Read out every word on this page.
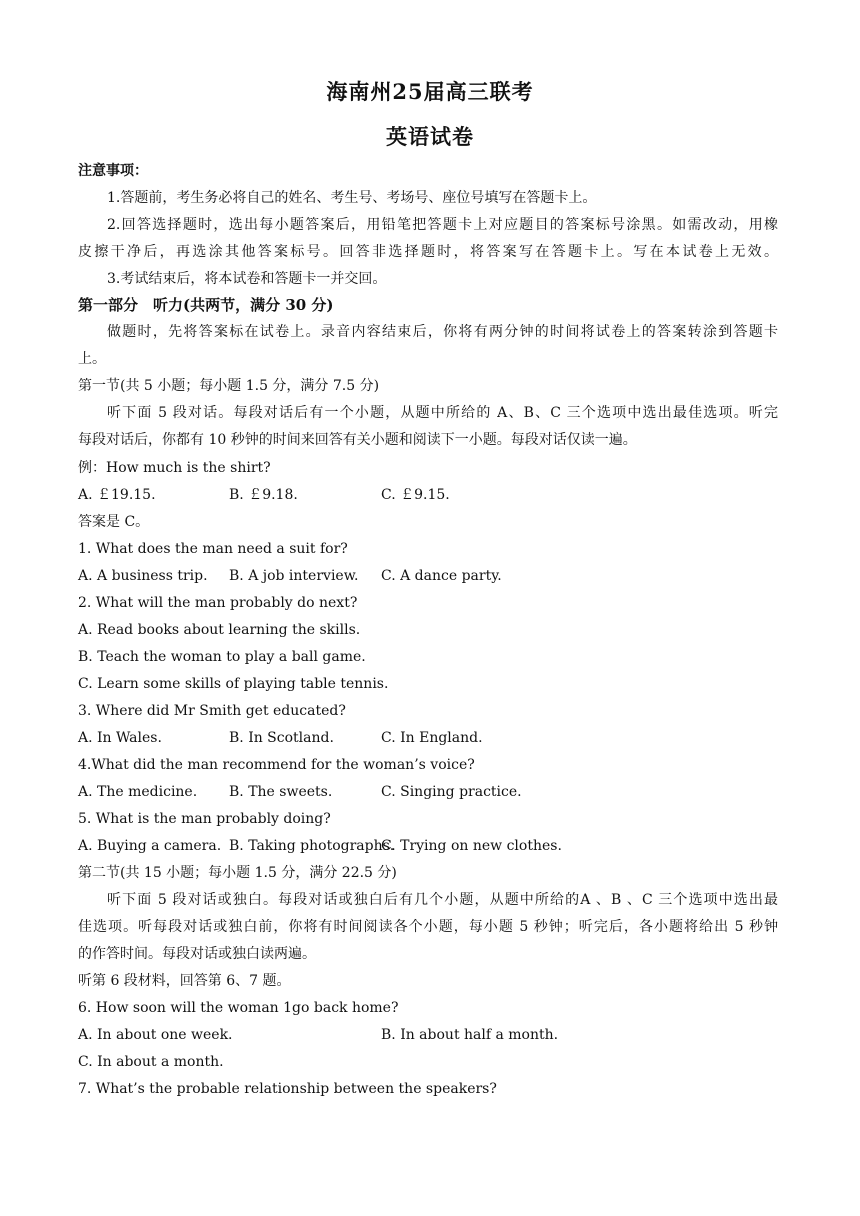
海南州25届高三联考
英语试卷
注意事项：
1.答题前，考生务必将自己的姓名、考生号、考场号、座位号填写在答题卡上。
2.回答选择题时，选出每小题答案后，用铅笔把答题卡上对应题目的答案标号涂黑。如需改动，用橡
皮擦干净后，再选涂其他答案标号。回答非选择题时，将答案写在答题卡上。写在本试卷上无效。
3.考试结束后，将本试卷和答题卡一并交回。
第一部分　听力(共两节，满分 30 分)
做题时，先将答案标在试卷上。录音内容结束后，你将有两分钟的时间将试卷上的答案转涂到答题卡
上。
第一节(共 5 小题；每小题 1.5 分，满分 7.5 分)
听下面 5 段对话。每段对话后有一个小题，从题中所给的 A、B、C 三个选项中选出最佳选项。听完
每段对话后，你都有 10 秒钟的时间来回答有关小题和阅读下一小题。每段对话仅读一遍。
例：How much is the shirt?
A. ￡19.15.	B. ￡9.18.	C. ￡9.15.
答案是 C。
1. What does the man need a suit for?
A. A business trip. B. A job interview. C. A dance party.
2. What will the man probably do next?
A. Read books about learning the skills.
B. Teach the woman to play a ball game.
C. Learn some skills of playing table tennis.
3. Where did Mr Smith get educated?
A. In Wales.	B. In Scotland.	C. In England.
4.What did the man recommend for the woman’s voice?
A. The medicine. B. The sweets.	C. Singing practice.
5. What is the man probably doing?
A. Buying a camera. B. Taking photographs.
C. Trying on new clothes.
第二节(共 15 小题；每小题 1.5 分，满分 22.5 分)
听下面 5 段对话或独白。每段对话或独白后有几个小题，从题中所给的A 、B 、C 三个选项中选出最
佳选项。听每段对话或独白前，你将有时间阅读各个小题，每小题 5 秒钟；听完后，各小题将给出 5 秒钟
的作答时间。每段对话或独白读两遍。
听第 6 段材料，回答第 6、7 题。
6. How soon will the woman 1go back home?
A. In about one week.	B. In about half a month.
C. In about a month.
7. What’s the probable relationship between the speakers?
